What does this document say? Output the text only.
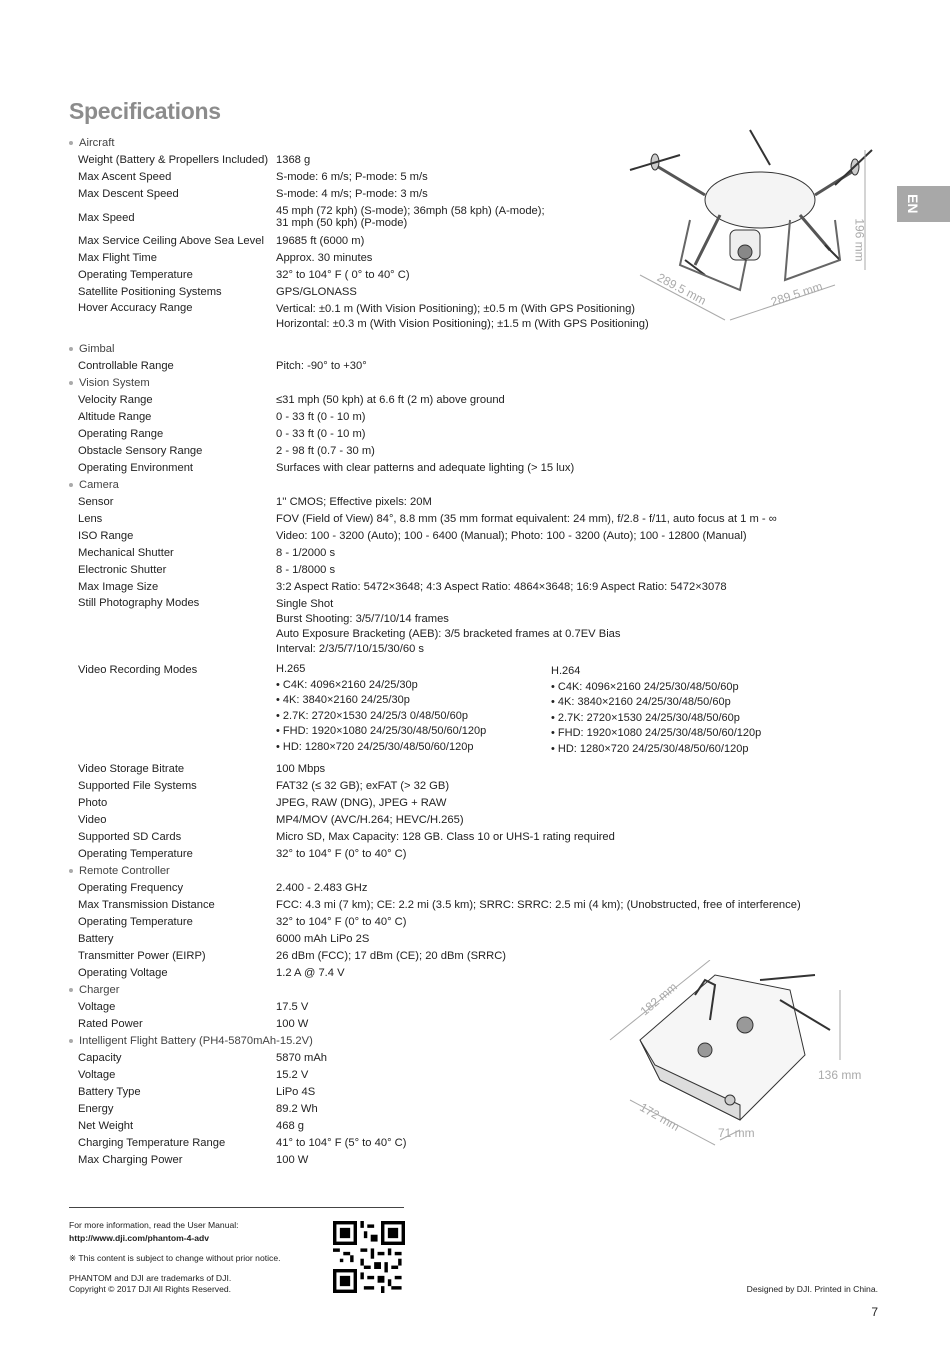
Specifications
EN
289.5 mm	289.5 mm
196 mm
182 mm
136 mm
172 mm	71 mm
Aircraft
Weight (Battery & Propellers Included) 1368 g
Max Ascent Speed	S-mode: 6 m/s; P-mode: 5 m/s
Max Descent Speed	S-mode: 4 m/s; P-mode: 3 m/s
Max Speed
45 mph (72 kph) (S-mode); 36mph (58 kph) (A-mode);
31 mph (50 kph) (P-mode)
Max Service Ceiling Above Sea Level	19685 ft (6000 m)
Max Flight Time	Approx. 30 minutes
Operating Temperature	32° to 104° F ( 0° to 40° C)
Satellite Positioning Systems	GPS/GLONASS
Hover Accuracy Range	Vertical: ±0.1 m (With Vision Positioning); ±0.5 m (With GPS Positioning)
Horizontal: ±0.3 m (With Vision Positioning); ±1.5 m (With GPS Positioning)
Gimbal
Controllable Range	Pitch: -90° to +30°
Vision System
Velocity Range	≤31 mph (50 kph) at 6.6 ft (2 m) above ground
Altitude Range	0 - 33 ft (0 - 10 m)
Operating Range	0 - 33 ft (0 - 10 m)
Obstacle Sensory Range	2 - 98 ft (0.7 - 30 m)
Operating Environment	Surfaces with clear patterns and adequate lighting (> 15 lux)
Camera
Sensor	1'' CMOS; Effective pixels: 20M
Lens	FOV (Field of View) 84°, 8.8 mm (35 mm format equivalent: 24 mm), f/2.8 - f/11, auto focus at 1 m - ∞
ISO Range	Video: 100 - 3200 (Auto); 100 - 6400 (Manual); Photo: 100 - 3200 (Auto); 100 - 12800 (Manual)
Mechanical Shutter	8 - 1/2000 s
Electronic Shutter	8 - 1/8000 s
Max Image Size	3:2 Aspect Ratio: 5472×3648; 4:3 Aspect Ratio: 4864×3648; 16:9 Aspect Ratio: 5472×3078
Still Photography Modes	Single Shot
Burst Shooting: 3/5/7/10/14 frames
Auto Exposure Bracketing (AEB): 3/5 bracketed frames at 0.7EV Bias
Interval: 2/3/5/7/10/15/30/60 s
Video Recording Modes	H.265
• C4K: 4096×2160 24/25/30p
• 4K: 3840×2160 24/25/30p
• 2.7K: 2720×1530 24/25/3 0/48/50/60p
• FHD: 1920×1080 24/25/30/48/50/60/120p
• HD: 1280×720 24/25/30/48/50/60/120p
H.264
• C4K: 4096×2160 24/25/30/48/50/60p
• 4K: 3840×2160 24/25/30/48/50/60p
• 2.7K: 2720×1530 24/25/30/48/50/60p
• FHD: 1920×1080 24/25/30/48/50/60/120p
• HD: 1280×720 24/25/30/48/50/60/120p
Video Storage Bitrate	100 Mbps
Supported File Systems	FAT32 (≤ 32 GB); exFAT (> 32 GB)
Photo	JPEG, RAW (DNG), JPEG + RAW
Video	MP4/MOV (AVC/H.264; HEVC/H.265)
Supported SD Cards	Micro SD, Max Capacity: 128 GB. Class 10 or UHS-1 rating required
Operating Temperature	32° to 104° F (0° to 40° C)
Remote Controller
Operating Frequency	2.400 - 2.483 GHz
Max Transmission Distance	FCC: 4.3 mi (7 km); CE: 2.2 mi (3.5 km); SRRC: SRRC: 2.5 mi (4 km); (Unobstructed, free of interference)
Operating Temperature	32° to 104° F (0° to 40° C)
Battery	6000 mAh LiPo 2S
Transmitter Power (EIRP)	26 dBm (FCC); 17 dBm (CE); 20 dBm (SRRC)
Operating Voltage	1.2 A @ 7.4 V
Charger
Voltage	17.5 V
Rated Power	100 W
Intelligent Flight Battery (PH4-5870mAh-15.2V)
Capacity	5870 mAh
Voltage	15.2 V
Battery Type	LiPo 4S
Energy	89.2 Wh
Net Weight	468 g
Charging Temperature Range	41° to 104° F (5° to 40° C)
Max Charging Power	100 W
For more information, read the User Manual:
http://www.dji.com/phantom-4-adv
※ This content is subject to change without prior notice.
PHANTOM and DJI are trademarks of DJI.
Copyright © 2017 DJI All Rights Reserved.	Designed by DJI. Printed in China.
7
